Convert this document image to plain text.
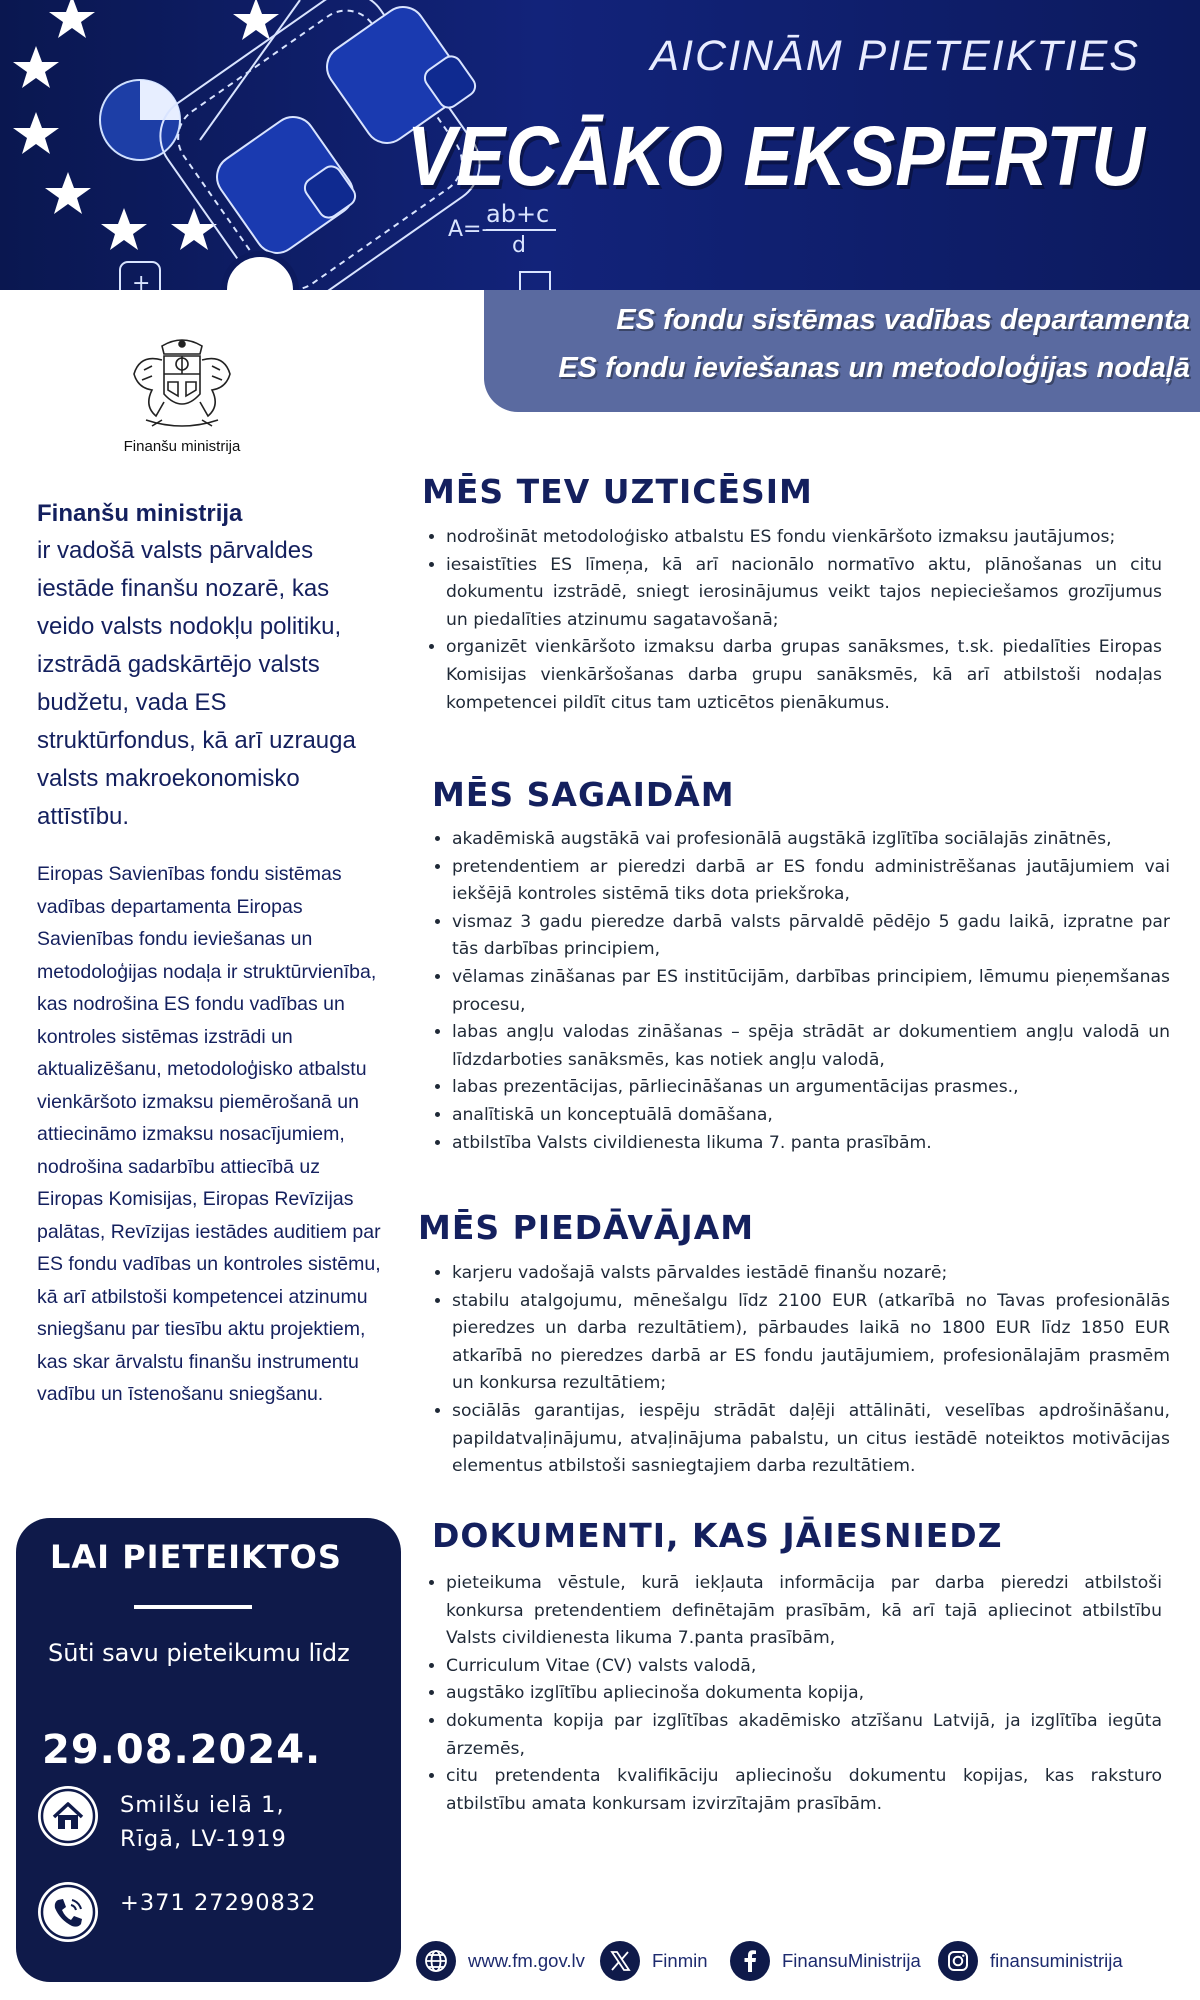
A=-
ab+c
d
+
AICINĀM PIETEIKTIES
VECĀKO EKSPERTU
ES fondu sistēmas vadības departamenta
ES fondu ieviešanas un metodoloģijas nodaļā
Finanšu ministrija
Finanšu ministrija
ir vadošā valsts pārvaldes iestāde finanšu nozarē, kas veido valsts nodokļu politiku, izstrādā gadskārtējo valsts budžetu, vada ES struktūrfondus, kā arī uzrauga valsts makroekonomisko attīstību.
Eiropas Savienības fondu sistēmas vadības departamenta Eiropas Savienības fondu ieviešanas un metodoloģijas nodaļa ir struktūrvienība, kas nodrošina ES fondu vadības un kontroles sistēmas izstrādi un aktualizēšanu, metodoloģisko atbalstu vienkāršoto izmaksu piemērošanā un attiecināmo izmaksu nosacījumiem, nodrošina sadarbību attiecībā uz Eiropas Komisijas, Eiropas Revīzijas palātas, Revīzijas iestādes auditiem par ES fondu vadības un kontroles sistēmu, kā arī atbilstoši kompetencei atzinumu sniegšanu par tiesību aktu projektiem, kas skar ārvalstu finanšu instrumentu vadību un īstenošanu sniegšanu.
LAI PIETEIKTOS
Sūti savu pieteikumu līdz
29.08.2024.
Smilšu ielā 1,
Rīgā, LV-1919
+371 27290832
MĒS TEV UZTICĒSIM
• nodrošināt metodoloģisko atbalstu ES fondu vienkāršoto izmaksu jautājumos;
• iesaistīties ES līmeņa, kā arī nacionālo normatīvo aktu, plānošanas un citu dokumentu izstrādē, sniegt ierosinājumus veikt tajos nepieciešamos grozījumus un piedalīties atzinumu sagatavošanā;
• organizēt vienkāršoto izmaksu darba grupas sanāksmes, t.sk. piedalīties Eiropas Komisijas vienkāršošanas darba grupu sanāksmēs, kā arī atbilstoši nodaļas kompetencei pildīt citus tam uzticētos pienākumus.
MĒS SAGAIDĀM
• akadēmiskā augstākā vai profesionālā augstākā izglītība sociālajās zinātnēs,
• pretendentiem ar pieredzi darbā ar ES fondu administrēšanas jautājumiem vai iekšējā kontroles sistēmā tiks dota priekšroka,
• vismaz 3 gadu pieredze darbā valsts pārvaldē pēdējo 5 gadu laikā, izpratne par tās darbības principiem,
• vēlamas zināšanas par ES institūcijām, darbības principiem, lēmumu pieņemšanas procesu,
• labas angļu valodas zināšanas – spēja strādāt ar dokumentiem angļu valodā un līdzdarboties sanāksmēs, kas notiek angļu valodā,
• labas prezentācijas, pārliecināšanas un argumentācijas prasmes.,
• analītiskā un konceptuālā domāšana,
• atbilstība Valsts civildienesta likuma 7. panta prasībām.
MĒS PIEDĀVĀJAM
• karjeru vadošajā valsts pārvaldes iestādē finanšu nozarē;
• stabilu atalgojumu, mēnešalgu līdz 2100 EUR (atkarībā no Tavas profesionālās pieredzes un darba rezultātiem), pārbaudes laikā no 1800 EUR līdz 1850 EUR atkarībā no pieredzes darbā ar ES fondu jautājumiem, profesionālajām prasmēm un konkursa rezultātiem;
• sociālās garantijas, iespēju strādāt daļēji attālināti, veselības apdrošināšanu, papildatvaļinājumu, atvaļinājuma pabalstu, un citus iestādē noteiktos motivācijas elementus atbilstoši sasniegtajiem darba rezultātiem.
DOKUMENTI, KAS JĀIESNIEDZ
• pieteikuma vēstule, kurā iekļauta informācija par darba pieredzi atbilstoši konkursa pretendentiem definētajām prasībām, kā arī tajā apliecinot atbilstību Valsts civildienesta likuma 7.panta prasībām,
• Curriculum Vitae (CV) valsts valodā,
• augstāko izglītību apliecinoša dokumenta kopija,
• dokumenta kopija par izglītības akadēmisko atzīšanu Latvijā, ja izglītība iegūta ārzemēs,
• citu pretendenta kvalifikāciju apliecinošu dokumentu kopijas, kas raksturo atbilstību amata konkursam izvirzītajām prasībām.
www.fm.gov.lv	Finmin	FinansuMinistrija	finansuministrija
